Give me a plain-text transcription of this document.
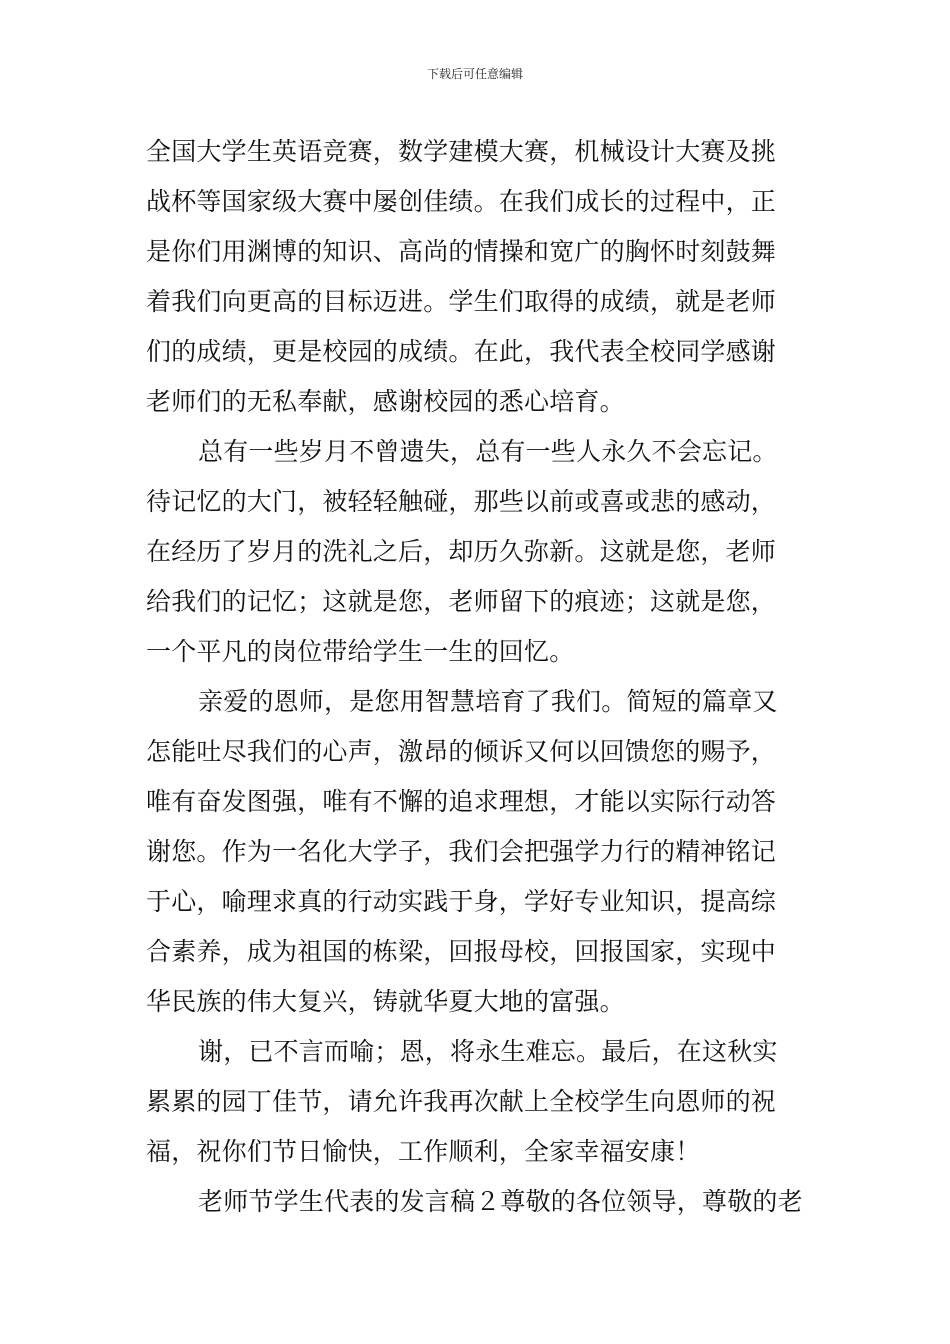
下载后可任意编辑
全国大学生英语竞赛，数学建模大赛，机械设计大赛及挑
战杯等国家级大赛中屡创佳绩。在我们成长的过程中，正
是你们用渊博的知识、高尚的情操和宽广的胸怀时刻鼓舞
着我们向更高的目标迈进。学生们取得的成绩，就是老师
们的成绩，更是校园的成绩。在此，我代表全校同学感谢
老师们的无私奉献，感谢校园的悉心培育。
总有一些岁月不曾遗失，总有一些人永久不会忘记。
待记忆的大门，被轻轻触碰，那些以前或喜或悲的感动，
在经历了岁月的洗礼之后，却历久弥新。这就是您，老师
给我们的记忆；这就是您，老师留下的痕迹；这就是您，
一个平凡的岗位带给学生一生的回忆。
亲爱的恩师，是您用智慧培育了我们。简短的篇章又
怎能吐尽我们的心声，激昂的倾诉又何以回馈您的赐予，
唯有奋发图强，唯有不懈的追求理想，才能以实际行动答
谢您。作为一名化大学子，我们会把强学力行的精神铭记
于心，喻理求真的行动实践于身，学好专业知识，提高综
合素养，成为祖国的栋梁，回报母校，回报国家，实现中
华民族的伟大复兴，铸就华夏大地的富强。
谢，已不言而喻；恩，将永生难忘。最后，在这秋实
累累的园丁佳节，请允许我再次献上全校学生向恩师的祝
福，祝你们节日愉快，工作顺利，全家幸福安康！
老师节学生代表的发言稿２尊敬的各位领导，尊敬的老
